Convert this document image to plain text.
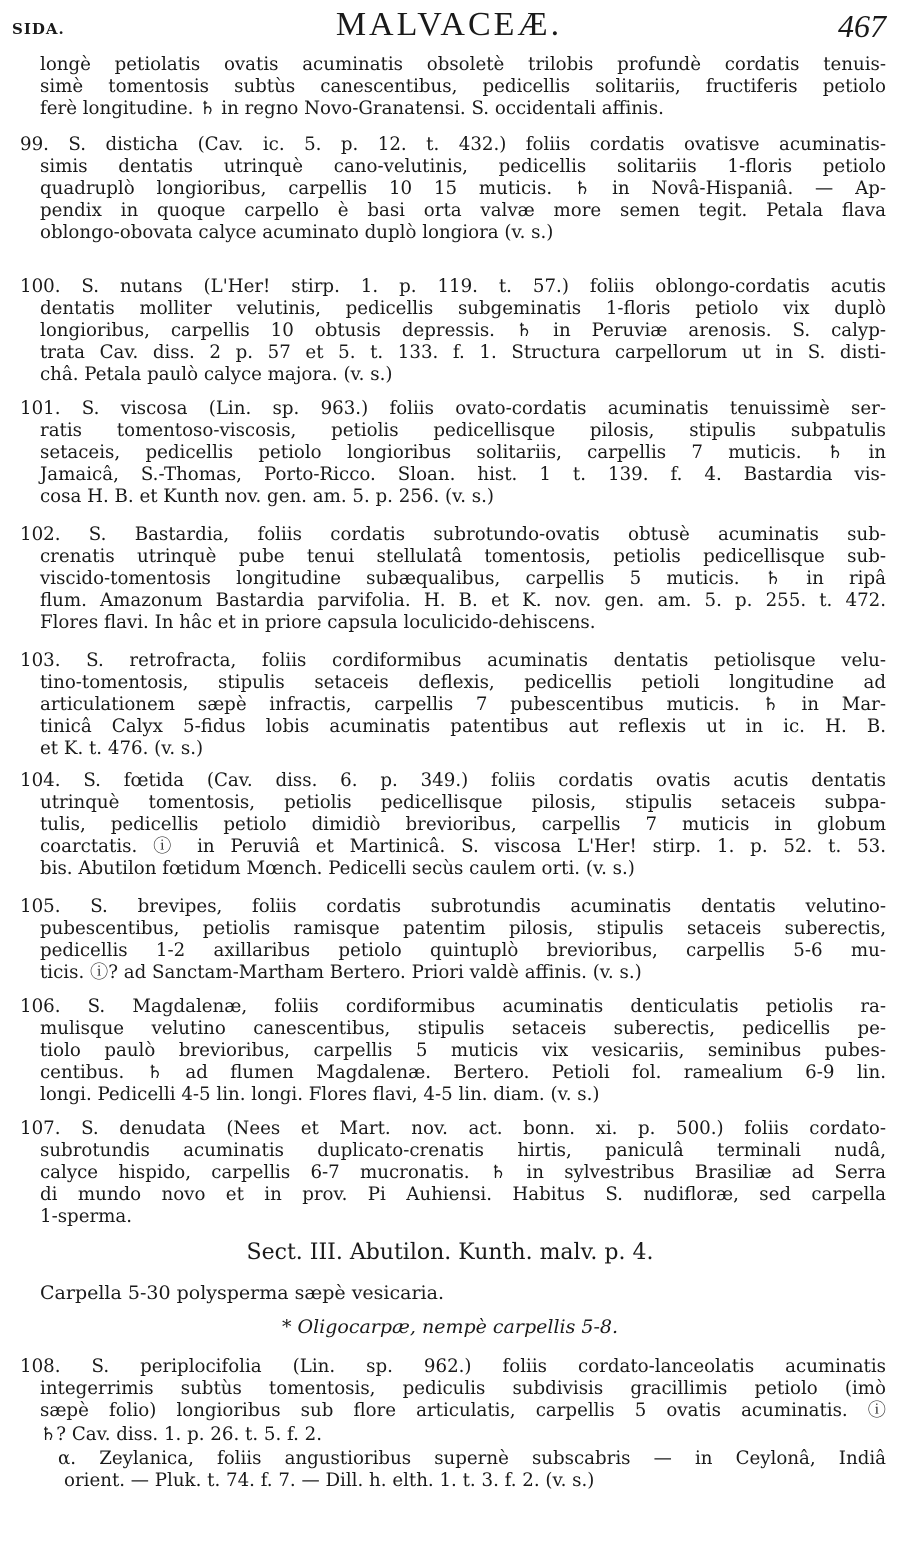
SIDA.	MALVACEÆ.	467
longè petiolatis ovatis acuminatis obsoletè trilobis profundè cordatis tenuis-
simè tomentosis subtùs canescentibus, pedicellis solitariis, fructiferis petiolo
ferè longitudine. ♄ in regno Novo-Granatensi. S. occidentali affinis.
99. S. disticha (Cav. ic. 5. p. 12. t. 432.) foliis cordatis ovatisve acuminatis-
simis dentatis utrinquè cano-velutinis, pedicellis solitariis 1-floris petiolo
quadruplò longioribus, carpellis 10 15 muticis. ♄ in Novâ-Hispaniâ. — Ap-
pendix in quoque carpello è basi orta valvæ more semen tegit. Petala flava
oblongo-obovata calyce acuminato duplò longiora (v. s.)
100. S. nutans (L'Her! stirp. 1. p. 119. t. 57.) foliis oblongo-cordatis acutis
dentatis molliter velutinis, pedicellis subgeminatis 1-floris petiolo vix duplò
longioribus, carpellis 10 obtusis depressis. ♄ in Peruviæ arenosis. S. calyp-
trata Cav. diss. 2 p. 57 et 5. t. 133. f. 1. Structura carpellorum ut in S. disti-
châ. Petala paulò calyce majora. (v. s.)
101. S. viscosa (Lin. sp. 963.) foliis ovato-cordatis acuminatis tenuissimè ser-
ratis tomentoso-viscosis, petiolis pedicellisque pilosis, stipulis subpatulis
setaceis, pedicellis petiolo longioribus solitariis, carpellis 7 muticis. ♄ in
Jamaicâ, S.-Thomas, Porto-Ricco. Sloan. hist. 1 t. 139. f. 4. Bastardia vis-
cosa H. B. et Kunth nov. gen. am. 5. p. 256. (v. s.)
102. S. Bastardia, foliis cordatis subrotundo-ovatis obtusè acuminatis sub-
crenatis utrinquè pube tenui stellulatâ tomentosis, petiolis pedicellisque sub-
viscido-tomentosis longitudine subæqualibus, carpellis 5 muticis. ♄ in ripâ
flum. Amazonum Bastardia parvifolia. H. B. et K. nov. gen. am. 5. p. 255. t. 472.
Flores flavi. In hâc et in priore capsula loculicido-dehiscens.
103. S. retrofracta, foliis cordiformibus acuminatis dentatis petiolisque velu-
tino-tomentosis, stipulis setaceis deflexis, pedicellis petioli longitudine ad
articulationem sæpè infractis, carpellis 7 pubescentibus muticis. ♄ in Mar-
tinicâ Calyx 5-fidus lobis acuminatis patentibus aut reflexis ut in ic. H. B.
et K. t. 476. (v. s.)
104. S. fœtida (Cav. diss. 6. p. 349.) foliis cordatis ovatis acutis dentatis
utrinquè tomentosis, petiolis pedicellisque pilosis, stipulis setaceis subpa-
tulis, pedicellis petiolo dimidiò brevioribus, carpellis 7 muticis in globum
coarctatis. ⓘ in Peruviâ et Martinicâ. S. viscosa L'Her! stirp. 1. p. 52. t. 53.
bis. Abutilon fœtidum Mœnch. Pedicelli secùs caulem orti. (v. s.)
105. S. brevipes, foliis cordatis subrotundis acuminatis dentatis velutino-
pubescentibus, petiolis ramisque patentim pilosis, stipulis setaceis suberectis,
pedicellis 1-2 axillaribus petiolo quintuplò brevioribus, carpellis 5-6 mu-
ticis. ⓘ? ad Sanctam-Martham Bertero. Priori valdè affinis. (v. s.)
106. S. Magdalenæ, foliis cordiformibus acuminatis denticulatis petiolis ra-
mulisque velutino canescentibus, stipulis setaceis suberectis, pedicellis pe-
tiolo paulò brevioribus, carpellis 5 muticis vix vesicariis, seminibus pubes-
centibus. ♄ ad flumen Magdalenæ. Bertero. Petioli fol. ramealium 6-9 lin.
longi. Pedicelli 4-5 lin. longi. Flores flavi, 4-5 lin. diam. (v. s.)
107. S. denudata (Nees et Mart. nov. act. bonn. xi. p. 500.) foliis cordato-
subrotundis acuminatis duplicato-crenatis hirtis, paniculâ terminali nudâ,
calyce hispido, carpellis 6-7 mucronatis. ♄ in sylvestribus Brasiliæ ad Serra
di mundo novo et in prov. Pi Auhiensi. Habitus S. nudifloræ, sed carpella
1-sperma.
Sect. III. Abutilon. Kunth. malv. p. 4.
Carpella 5-30 polysperma sæpè vesicaria.
* Oligocarpæ, nempè carpellis 5-8.
108. S. periplocifolia (Lin. sp. 962.) foliis cordato-lanceolatis acuminatis
integerrimis subtùs tomentosis, pediculis subdivisis gracillimis petiolo (imò
sæpè folio) longioribus sub flore articulatis, carpellis 5 ovatis acuminatis. ⓘ
♄? Cav. diss. 1. p. 26. t. 5. f. 2.
α. Zeylanica, foliis angustioribus supernè subscabris — in Ceylonâ, Indiâ
orient. — Pluk. t. 74. f. 7. — Dill. h. elth. 1. t. 3. f. 2. (v. s.)
